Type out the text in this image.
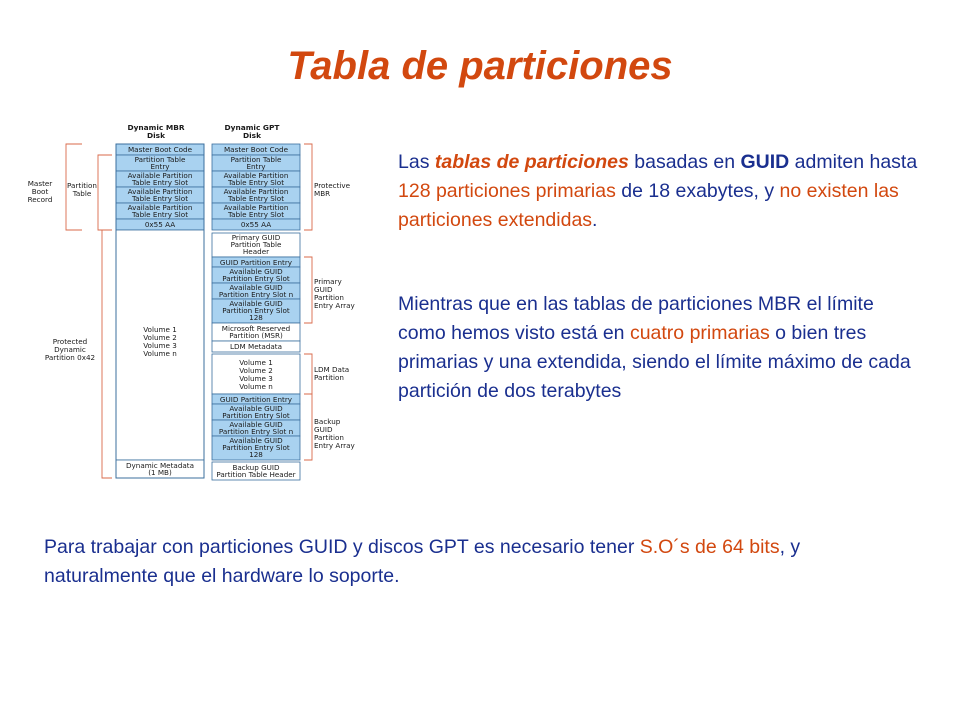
Tabla de particiones
Dynamic MBR
Disk
Dynamic GPT
Disk
Master Boot Code
Partition Table
Entry
Available Partition
Table Entry Slot
Available Partition
Table Entry Slot
Available Partition
Table Entry Slot
0x55 AA
Volume 1
Volume 2
Volume 3
Volume n
Dynamic Metadata
(1 MB)
Master Boot Code
Partition Table
Entry
Available Partition
Table Entry Slot
Available Partition
Table Entry Slot
Available Partition
Table Entry Slot
0x55 AA
Primary GUID
Partition Table
Header
GUID Partition Entry
Available GUID
Partition Entry Slot
Available GUID
Partition Entry Slot n
Available GUID
Partition Entry Slot
128
Microsoft Reserved
Partition (MSR)
LDM Metadata
Volume 1
Volume 2
Volume 3
Volume n
GUID Partition Entry
Available GUID
Partition Entry Slot
Available GUID
Partition Entry Slot n
Available GUID
Partition Entry Slot
128
Backup GUID
Partition Table Header
Master
Boot
Record
Partition
Table
Protected
Dynamic
Partition 0x42
Protective
MBR
Primary
GUID
Partition
Entry Array
LDM Data
Partition
Backup
GUID
Partition
Entry Array
Las tablas de particiones basadas en GUID admiten hasta 128 particiones primarias de 18 exabytes, y no existen las particiones extendidas.
Mientras que en las tablas de particiones MBR el límite como hemos visto está en cuatro primarias o bien tres primarias y una extendida, siendo el límite máximo de cada partición de dos terabytes
Para trabajar con particiones GUID y discos GPT es necesario tener S.O´s de 64 bits, y naturalmente que el hardware lo soporte.
